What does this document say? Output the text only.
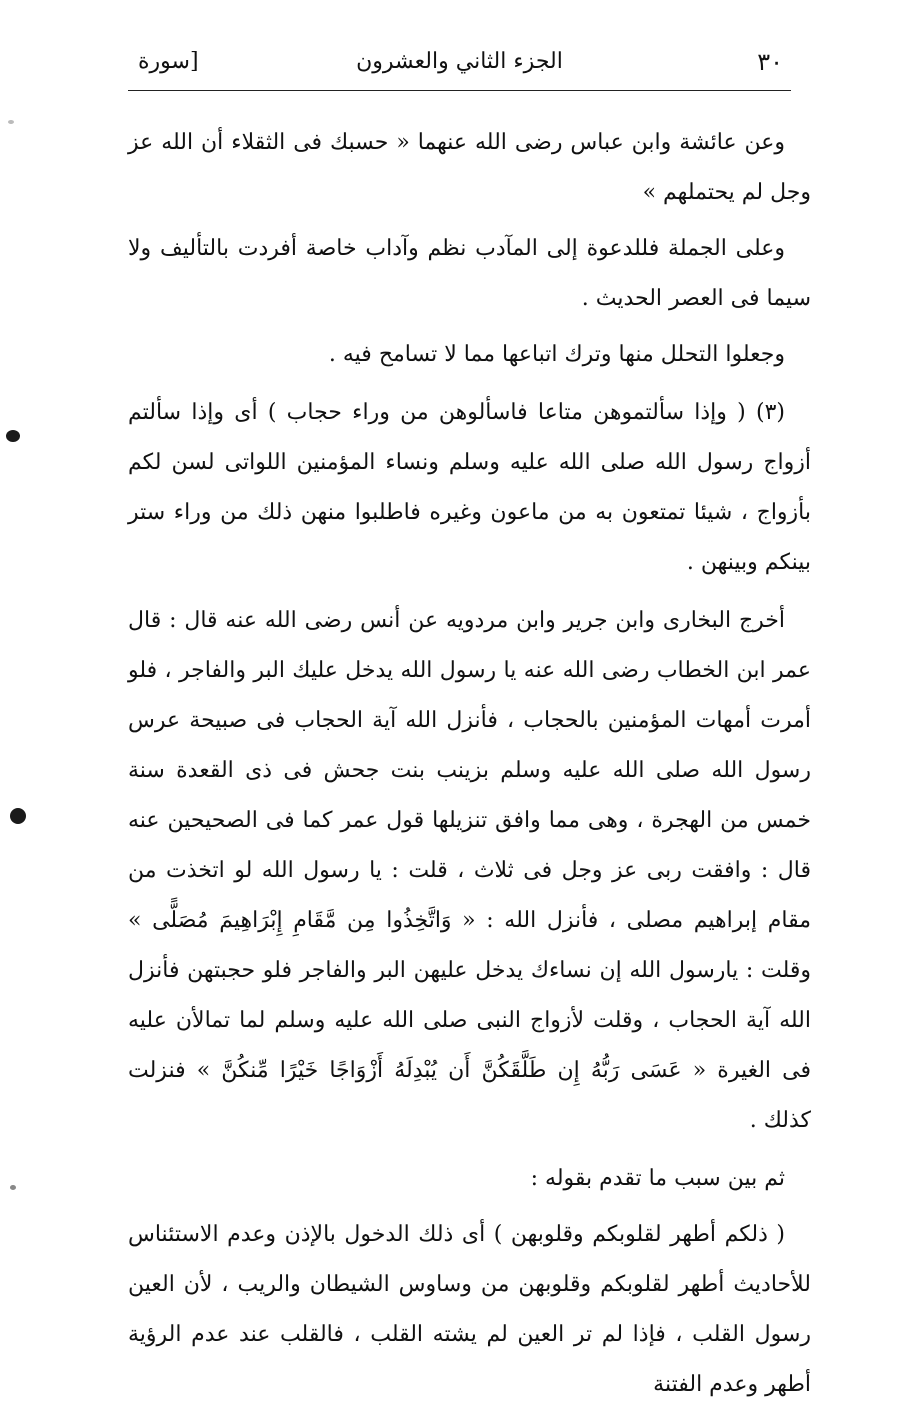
٣٠
الجزء الثاني والعشرون
[سورة

وعن عائشة وابن عباس رضى الله عنهما « حسبك فى الثقلاء أن الله عز وجل لم يحتملهم »

وعلى الجملة فللدعوة إلى المآدب نظم وآداب خاصة أفردت بالتأليف ولا سيما فى العصر الحديث .

وجعلوا التحلل منها وترك اتباعها مما لا تسامح فيه .

(٣) ( وإذا سألتموهن متاعا فاسألوهن من وراء حجاب ) أى وإذا سألتم أزواج رسول الله صلى الله عليه وسلم ونساء المؤمنين اللواتى لسن لكم بأزواج ، شيئا تمتعون به من ماعون وغيره فاطلبوا منهن ذلك من وراء ستر بينكم وبينهن .

أخرج البخارى وابن جرير وابن مردويه عن أنس رضى الله عنه قال : قال عمر ابن الخطاب رضى الله عنه يا رسول الله يدخل عليك البر والفاجر ، فلو أمرت أمهات المؤمنين بالحجاب ، فأنزل الله آية الحجاب فى صبيحة عرس رسول الله صلى الله عليه وسلم بزينب بنت جحش فى ذى القعدة سنة خمس من الهجرة ، وهى مما وافق تنزيلها قول عمر كما فى الصحيحين عنه قال : وافقت ربى عز وجل فى ثلاث ، قلت : يا رسول الله لو اتخذت من مقام إبراهيم مصلى ، فأنزل الله : « وَاتَّخِذُوا مِن مَّقَامِ إِبْرَاهِيمَ مُصَلًّى » وقلت : يارسول الله إن نساءك يدخل عليهن البر والفاجر فلو حجبتهن فأنزل الله آية الحجاب ، وقلت لأزواج النبى صلى الله عليه وسلم لما تمالأن عليه فى الغيرة « عَسَى رَبُّهُ إِن طَلَّقَكُنَّ أَن يُبْدِلَهُ أَزْوَاجًا خَيْرًا مِّنكُنَّ » فنزلت كذلك .

ثم بين سبب ما تقدم بقوله :

( ذلكم أطهر لقلوبكم وقلوبهن ) أى ذلك الدخول بالإذن وعدم الاستئناس للأحاديث أطهر لقلوبكم وقلوبهن من وساوس الشيطان والريب ، لأن العين رسول القلب ، فإذا لم تر العين لم يشته القلب ، فالقلب عند عدم الرؤية أطهر وعدم الفتنة
